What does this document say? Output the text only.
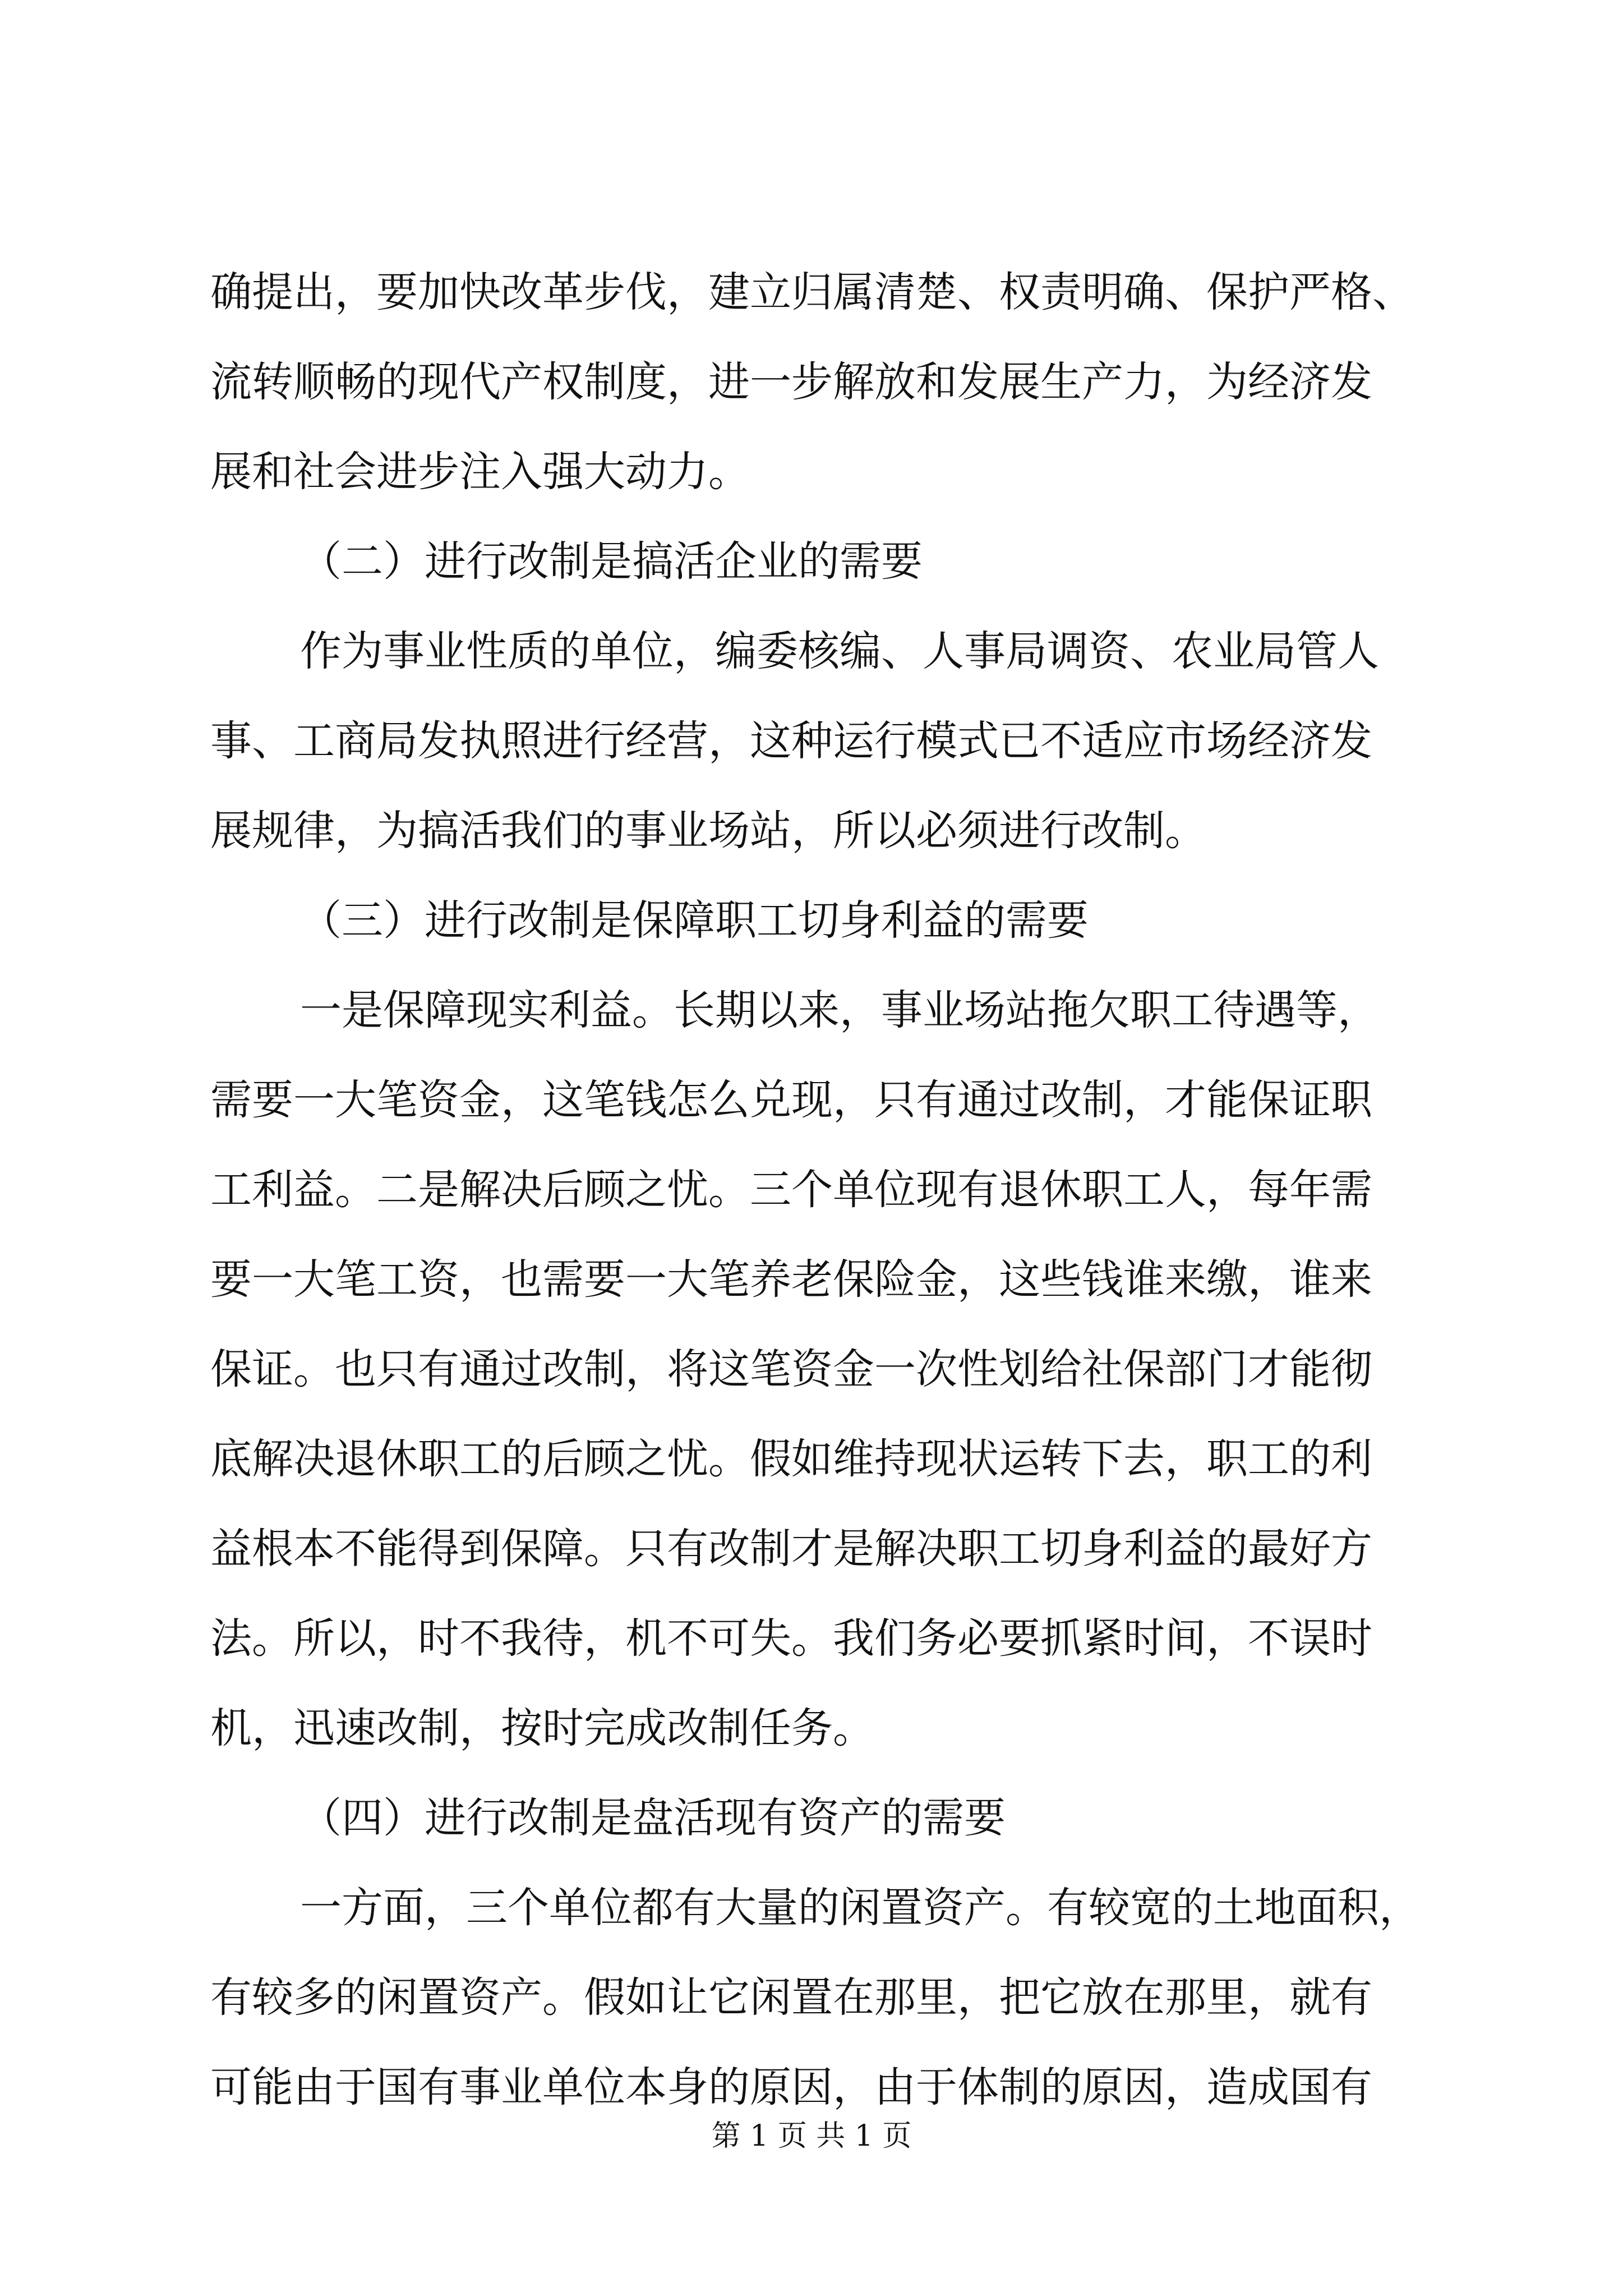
确提出，要加快改革步伐，建立归属清楚、权责明确、保护严格、

流转顺畅的现代产权制度，进一步解放和发展生产力，为经济发

展和社会进步注入强大动力。

（二）进行改制是搞活企业的需要

作为事业性质的单位，编委核编、人事局调资、农业局管人

事、工商局发执照进行经营，这种运行模式已不适应市场经济发

展规律，为搞活我们的事业场站，所以必须进行改制。

（三）进行改制是保障职工切身利益的需要

一是保障现实利益。长期以来，事业场站拖欠职工待遇等，

需要一大笔资金，这笔钱怎么兑现，只有通过改制，才能保证职

工利益。二是解决后顾之忧。三个单位现有退休职工人，每年需

要一大笔工资，也需要一大笔养老保险金，这些钱谁来缴，谁来

保证。也只有通过改制，将这笔资金一次性划给社保部门才能彻

底解决退休职工的后顾之忧。假如维持现状运转下去，职工的利

益根本不能得到保障。只有改制才是解决职工切身利益的最好方

法。所以，时不我待，机不可失。我们务必要抓紧时间，不误时

机，迅速改制，按时完成改制任务。

（四）进行改制是盘活现有资产的需要

一方面，三个单位都有大量的闲置资产。有较宽的土地面积，

有较多的闲置资产。假如让它闲置在那里，把它放在那里，就有

可能由于国有事业单位本身的原因，由于体制的原因，造成国有

第 1 页 共 1 页
